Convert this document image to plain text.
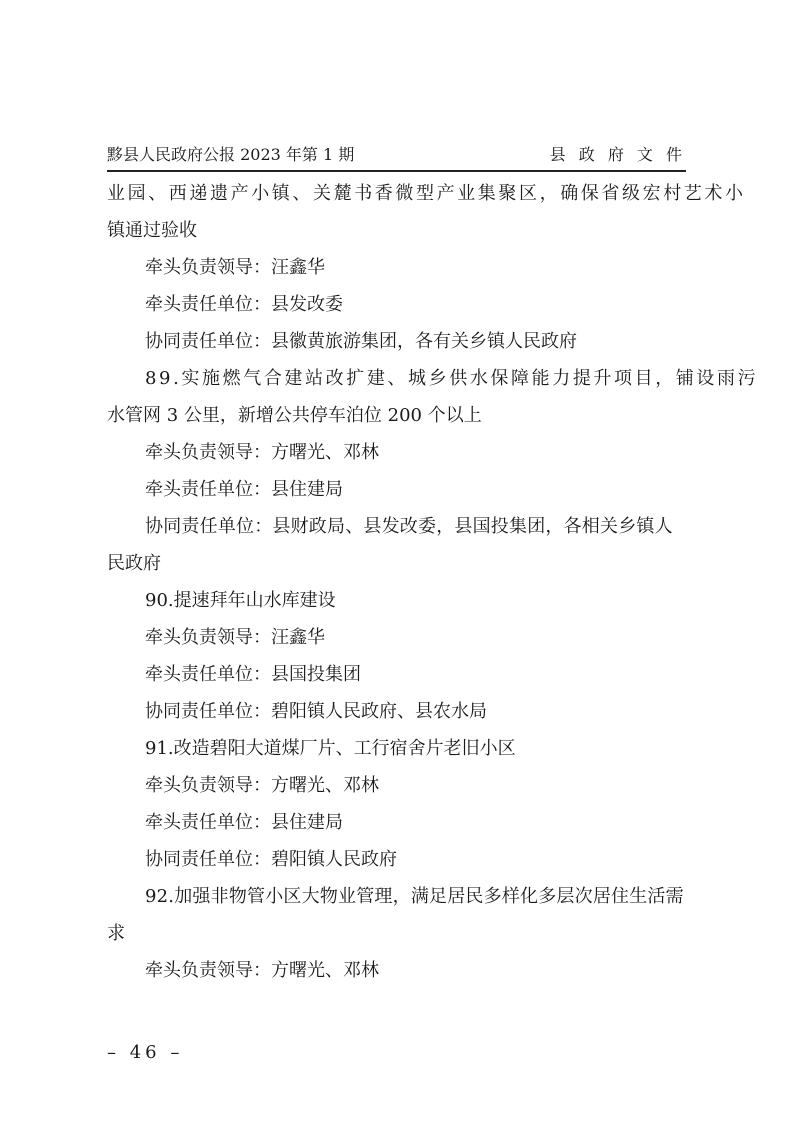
黟县人民政府公报 2023 年第 1 期	县 政 府 文 件
业园、西递遗产小镇、关麓书香微型产业集聚区，确保省级宏村艺术小
镇通过验收
牵头负责领导：汪鑫华
牵头责任单位：县发改委
协同责任单位：县徽黄旅游集团，各有关乡镇人民政府
89.实施燃气合建站改扩建、城乡供水保障能力提升项目，铺设雨污
水管网 3 公里，新增公共停车泊位 200 个以上
牵头负责领导：方曙光、邓林
牵头责任单位：县住建局
协同责任单位：县财政局、县发改委，县国投集团，各相关乡镇人
民政府
90.提速拜年山水库建设
牵头负责领导：汪鑫华
牵头责任单位：县国投集团
协同责任单位：碧阳镇人民政府、县农水局
91.改造碧阳大道煤厂片、工行宿舍片老旧小区
牵头负责领导：方曙光、邓林
牵头责任单位：县住建局
协同责任单位：碧阳镇人民政府
92.加强非物管小区大物业管理，满足居民多样化多层次居住生活需
求
牵头负责领导：方曙光、邓林
– 46 –
